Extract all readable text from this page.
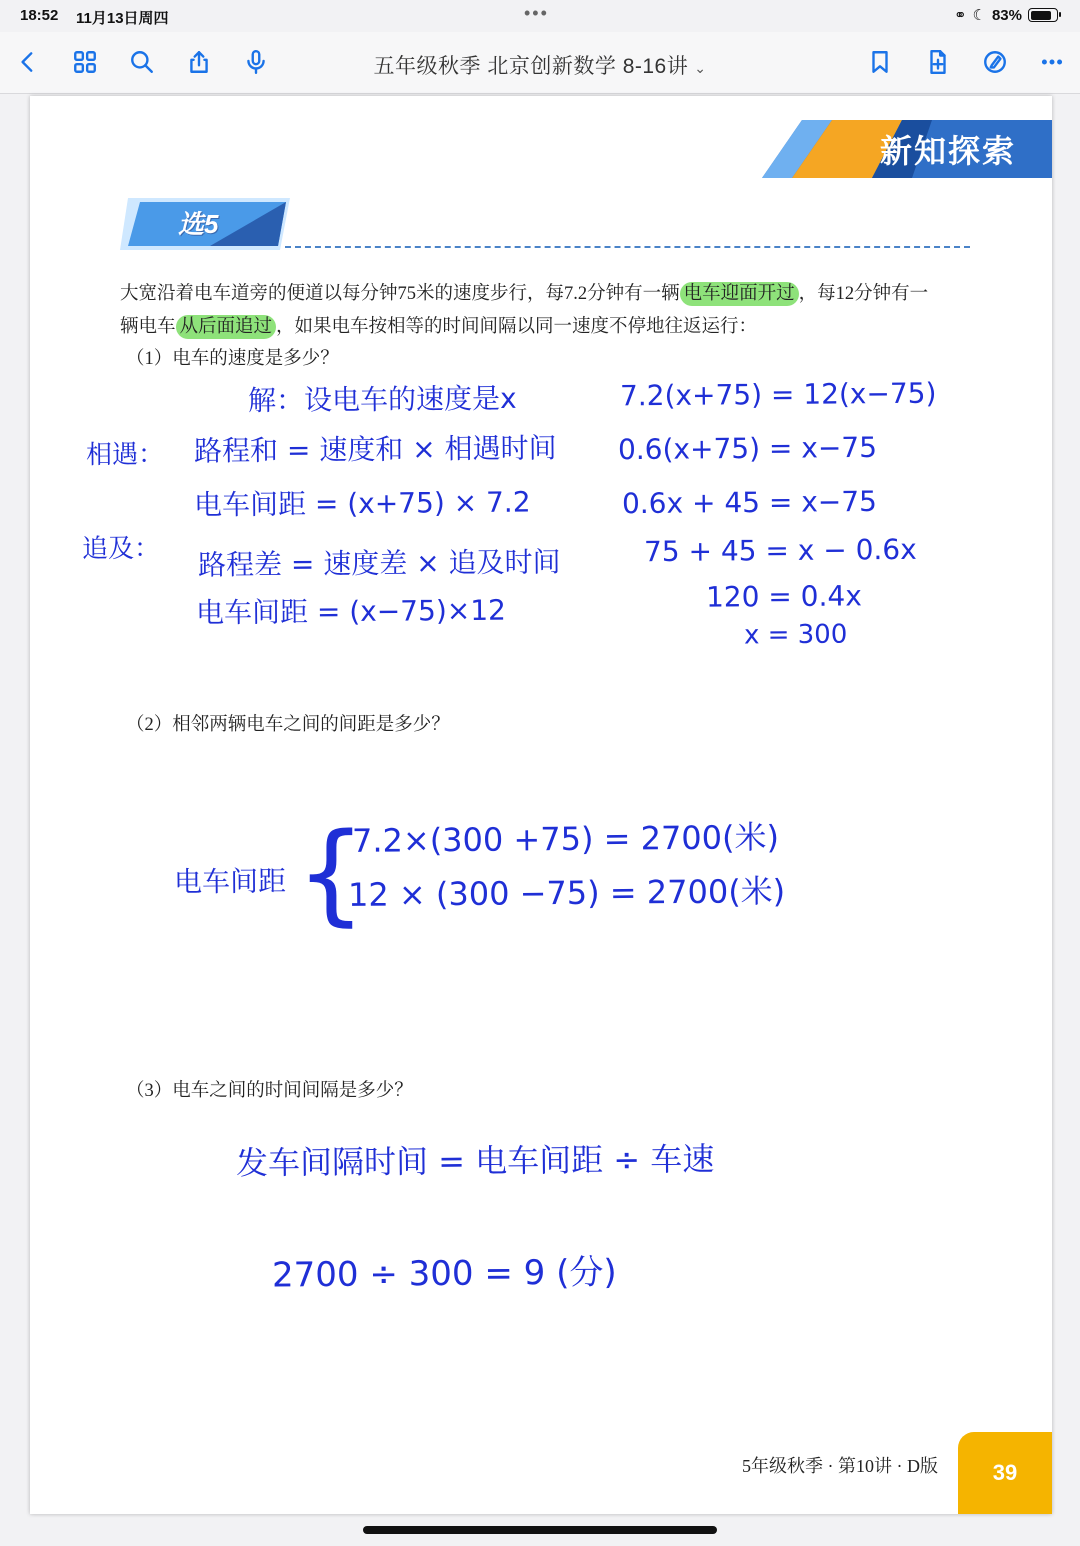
18:52 11月13日周四	•••	⚭ ☾ 83%
五年级秋季 北京创新数学 8-16讲 ⌄
新知探索
选5
大宽沿着电车道旁的便道以每分钟75米的速度步行，每7.2分钟有一辆 电车迎面开过 ，每12分钟有一
辆电车 从后面追过 ，如果电车按相等的时间间隔以同一速度不停地往返运行：
（1）电车的速度是多少？
（2）相邻两辆电车之间的间距是多少？
（3）电车之间的时间间隔是多少？
解：设电车的速度是x
相遇： 路程和 = 速度和 × 相遇时间
电车间距 = (x+75) × 7.2
追及： 路程差 = 速度差 × 追及时间
电车间距 = (x−75)×12
7.2(x+75) = 12(x−75)
0.6(x+75) = x−75
0.6x + 45 = x−75
75 + 45 = x − 0.6x
120 = 0.4x
x = 300
电车间距 {
7.2×(300 +75) = 2700(米)
12 × (300 −75) = 2700(米)
发车间隔时间 = 电车间距 ÷ 车速
2700 ÷ 300 = 9 (分)
5年级秋季 · 第10讲 · D版	39
